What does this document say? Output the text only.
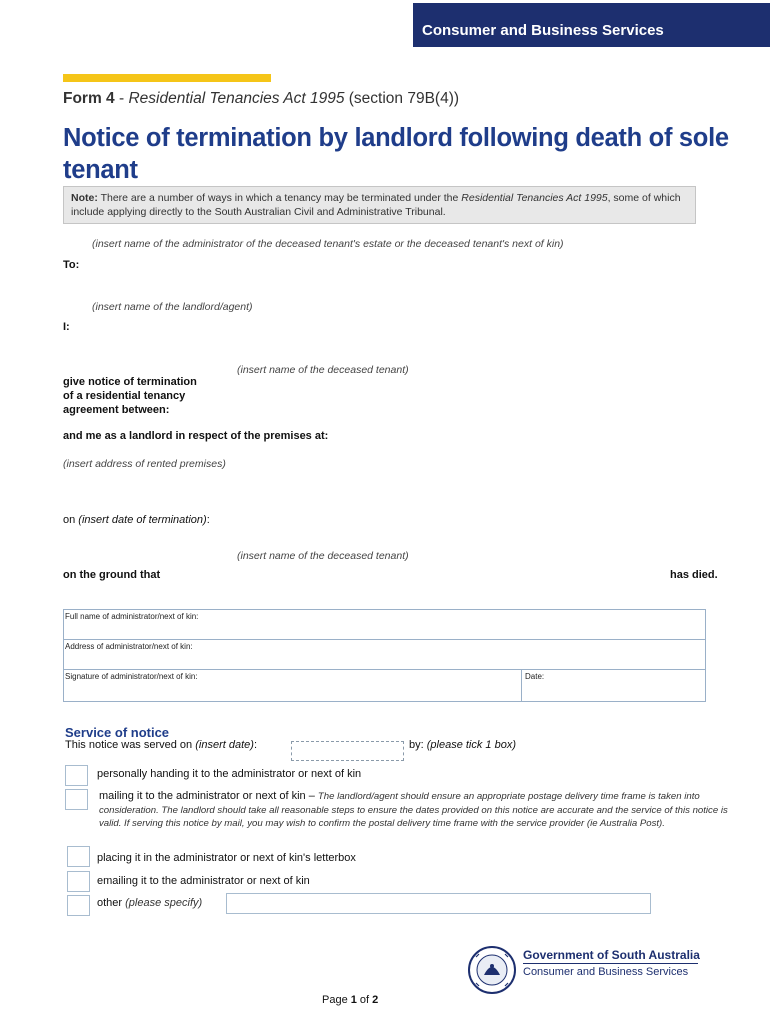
Consumer and Business Services
Form 4 - Residential Tenancies Act 1995 (section 79B(4))
Notice of termination by landlord following death of sole tenant
Note: There are a number of ways in which a tenancy may be terminated under the Residential Tenancies Act 1995, some of which include applying directly to the South Australian Civil and Administrative Tribunal.
(insert name of the administrator of the deceased tenant's estate or the deceased tenant's next of kin)
To:
(insert name of the landlord/agent)
I:
(insert name of the deceased tenant)
give notice of termination
of a residential tenancy
agreement between:
and me as a landlord in respect of the premises at:
(insert address of rented premises)
on (insert date of termination):
(insert name of the deceased tenant)
on the ground that	has died.
Full name of administrator/next of kin:
Address of administrator/next of kin:
Signature of administrator/next of kin:	Date:
Service of notice
This notice was served on (insert date):	by: (please tick 1 box)
personally handing it to the administrator or next of kin
mailing it to the administrator or next of kin – The landlord/agent should ensure an appropriate postage delivery time frame is taken into consideration. The landlord should take all reasonable steps to ensure the dates provided on this notice are accurate and the service of this notice is valid. If serving this notice by mail, you may wish to confirm the postal delivery time frame with the service provider (ie Australia Post).
placing it in the administrator or next of kin's letterbox
emailing it to the administrator or next of kin
other (please specify)
Government of South Australia
Consumer and Business Services
Page 1 of 2
